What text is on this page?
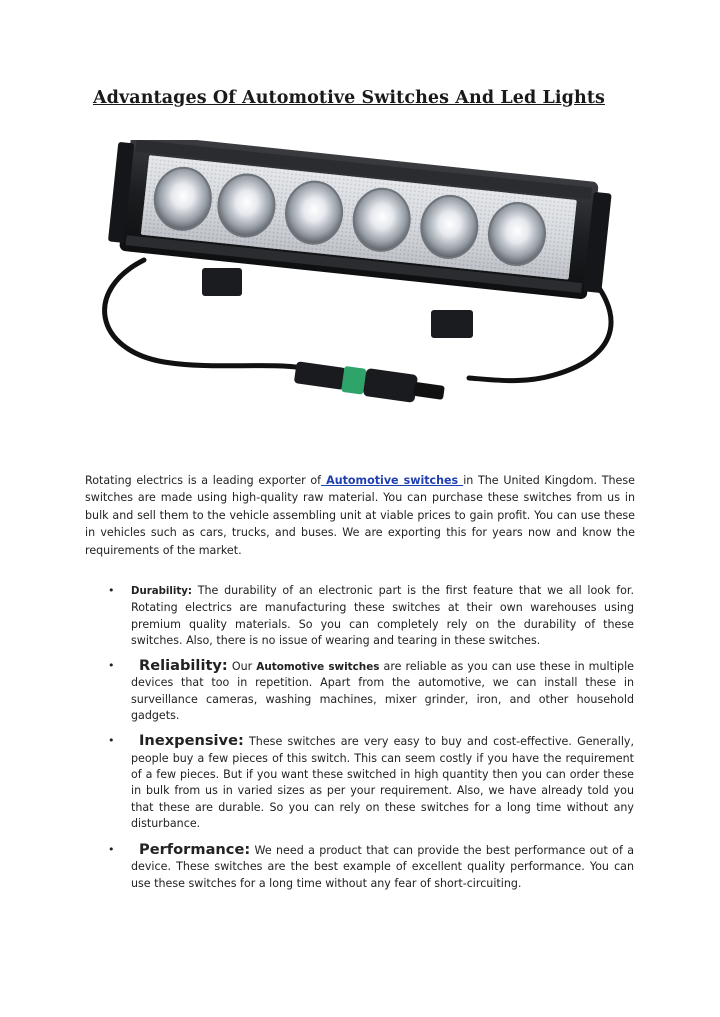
Advantages Of Automotive Switches And Led Lights

Rotating electrics is a leading exporter of Automotive switches in The United Kingdom. These switches are made using high-quality raw material. You can purchase these switches from us in bulk and sell them to the vehicle assembling unit at viable prices to gain profit. You can use these in vehicles such as cars, trucks, and buses. We are exporting this for years now and know the requirements of the market.

• Durability: The durability of an electronic part is the first feature that we all look for. Rotating electrics are manufacturing these switches at their own warehouses using premium quality materials. So you can completely rely on the durability of these switches. Also, there is no issue of wearing and tearing in these switches.
• Reliability: Our Automotive switches are reliable as you can use these in multiple devices that too in repetition. Apart from the automotive, we can install these in surveillance cameras, washing machines, mixer grinder, iron, and other household gadgets.
• Inexpensive: These switches are very easy to buy and cost-effective. Generally, people buy a few pieces of this switch. This can seem costly if you have the requirement of a few pieces. But if you want these switched in high quantity then you can order these in bulk from us in varied sizes as per your requirement. Also, we have already told you that these are durable. So you can rely on these switches for a long time without any disturbance.
• Performance: We need a product that can provide the best performance out of a device. These switches are the best example of excellent quality performance. You can use these switches for a long time without any fear of short-circuiting.
